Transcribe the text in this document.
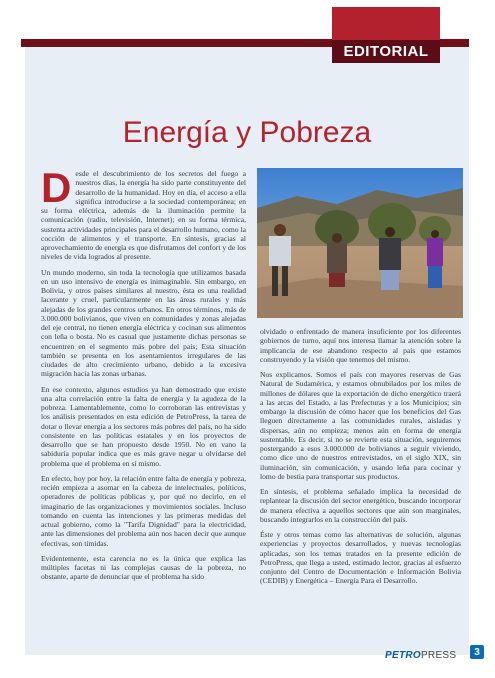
EDITORIAL
Energía y Pobreza

Desde el descubrimiento de los secretos del fuego a nuestros días, la energía ha sido parte constituyente del desarrollo de la humanidad. Hoy en día, el acceso a ella significa introducirse a la sociedad contemporánea; en su forma eléctrica, además de la iluminación permite la comunicación (radio, televisión, Internet); en su forma térmica, sustenta actividades principales para el desarrollo humano, como la cocción de alimentos y el transporte. En síntesis, gracias al aprovechamiento de energía es que disfrutamos del confort y de los niveles de vida logrados al presente.

Un mundo moderno, sin toda la tecnología que utilizamos basada en un uso intensivo de energía es inimaginable. Sin embargo, en Bolivia, y otros países similares al nuestro, ésta es una realidad lacerante y cruel, particularmente en las áreas rurales y más alejadas de los grandes centros urbanos. En otros términos, más de 3.000.000 bolivianos, que viven en comunidades y zonas alejadas del eje central, no tienen energía eléctrica y cocinan sus alimentos con leña o bosta. No es casual que justamente dichas personas se encuentren en el segmento más pobre del país; Esta situación también se presenta en los asentamientos irregulares de las ciudades de alto crecimiento urbano, debido a la excesiva migración hacia las zonas urbanas.

En ese contexto, algunos estudios ya han demostrado que existe una alta correlación entre la falta de energía y la agudeza de la pobreza. Lamentablemente, como lo corroboran las entrevistas y los análisis presentados en esta edición de PetroPress, la tarea de dotar o llevar energía a los sectores más pobres del país, no ha sido consistente en las políticas estatales y en los proyectos de desarrollo que se han propuesto desde 1950. No en vano la sabiduría popular indica que es más grave negar u olvidarse del problema que el problema en sí mismo.

En efecto, hoy por hoy, la relación entre falta de energía y pobreza, recién empieza a asomar en la cabeza de intelectuales, políticos, operadores de políticas públicas y, por qué no decirlo, en el imaginario de las organizaciones y movimientos sociales. Incluso tomando en cuenta las intenciones y las primeras medidas del actual gobierno, como la "Tarifa Dignidad" para la electricidad, ante las dimensiones del problema aún nos hacen decir que aunque efectivas, son tímidas.

Evidentemente, esta carencia no es la única que explica las múltiples facetas ni las complejas causas de la pobreza, no obstante, aparte de denunciar que el problema ha sido

olvidado o enfrentado de manera insuficiente por los diferentes gobiernos de turno, aquí nos interesa llamar la atención sobre la implicancia de ese abandono respecto al país que estamos construyendo y la visión que tenemos del mismo.

Nos explicamos. Somos el país con mayores reservas de Gas Natural de Sudamérica, y estamos obnubilados por los miles de millones de dólares que la exportación de dicho energético traerá a las arcas del Estado, a las Prefecturas y a los Municipios; sin embargo la discusión de cómo hacer que los beneficios del Gas lleguen directamente a las comunidades rurales, aisladas y dispersas, aún no empieza; menos aún en forma de energía sustentable. Es decir, si no se revierte esta situación, seguiremos postergando a esos 3.000.000 de bolivianos a seguir viviendo, como dice uno de nuestros entrevistados, en el siglo XIX, sin iluminación, sin comunicación, y usando leña para cocinar y lomo de bestia para transportar sus productos.

En síntesis, el problema señalado implica la necesidad de replantear la discusión del sector energético, buscando incorporar de manera efectiva a aquellos sectores que aún son marginales, buscando integrarlos en la construcción del país.

Éste y otros temas como las alternativas de solución, algunas experiencias y proyectos desarrollados, y nuevas tecnologías aplicadas, son los temas tratados en la presente edición de PetroPress, que llega a usted, estimado lector, gracias al esfuerzo conjunto del Centro de Documentación e Información Bolivia (CEDIB) y Energética – Energía Para el Desarrollo.

PETROPRESS	3
